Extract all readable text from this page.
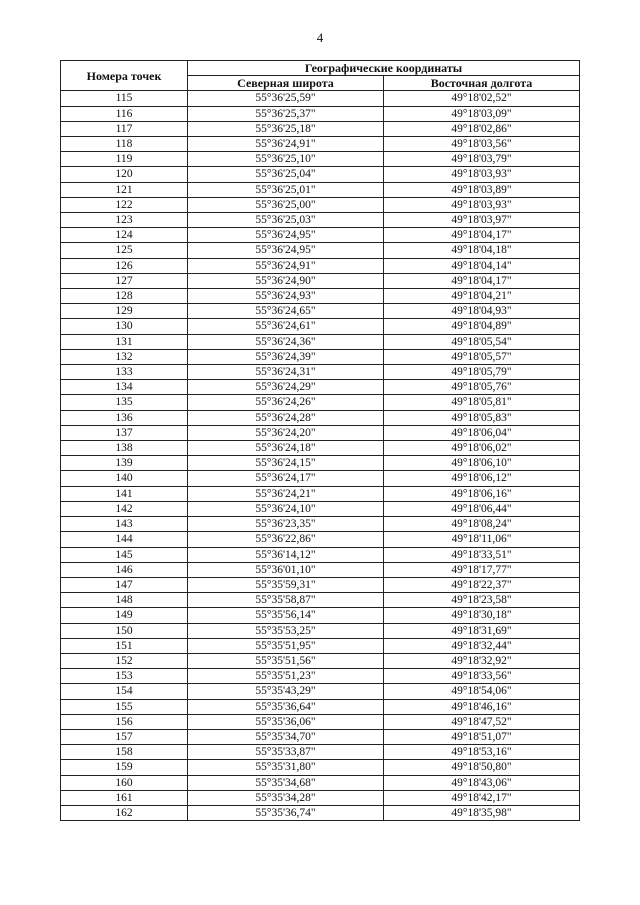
4
Номера точек	Географические координаты	
	Северная широта	Восточная долгота
115	55°36'25,59"	49°18'02,52"
116	55°36'25,37"	49°18'03,09"
117	55°36'25,18"	49°18'02,86"
118	55°36'24,91"	49°18'03,56"
119	55°36'25,10"	49°18'03,79"
120	55°36'25,04"	49°18'03,93"
121	55°36'25,01"	49°18'03,89"
122	55°36'25,00"	49°18'03,93"
123	55°36'25,03"	49°18'03,97"
124	55°36'24,95"	49°18'04,17"
125	55°36'24,95"	49°18'04,18"
126	55°36'24,91"	49°18'04,14"
127	55°36'24,90"	49°18'04,17"
128	55°36'24,93"	49°18'04,21"
129	55°36'24,65"	49°18'04,93"
130	55°36'24,61"	49°18'04,89"
131	55°36'24,36"	49°18'05,54"
132	55°36'24,39"	49°18'05,57"
133	55°36'24,31"	49°18'05,79"
134	55°36'24,29"	49°18'05,76"
135	55°36'24,26"	49°18'05,81"
136	55°36'24,28"	49°18'05,83"
137	55°36'24,20"	49°18'06,04"
138	55°36'24,18"	49°18'06,02"
139	55°36'24,15"	49°18'06,10"
140	55°36'24,17"	49°18'06,12"
141	55°36'24,21"	49°18'06,16"
142	55°36'24,10"	49°18'06,44"
143	55°36'23,35"	49°18'08,24"
144	55°36'22,86"	49°18'11,06"
145	55°36'14,12"	49°18'33,51"
146	55°36'01,10"	49°18'17,77"
147	55°35'59,31"	49°18'22,37"
148	55°35'58,87"	49°18'23,58"
149	55°35'56,14"	49°18'30,18"
150	55°35'53,25"	49°18'31,69"
151	55°35'51,95"	49°18'32,44"
152	55°35'51,56"	49°18'32,92"
153	55°35'51,23"	49°18'33,56"
154	55°35'43,29"	49°18'54,06"
155	55°35'36,64"	49°18'46,16"
156	55°35'36,06"	49°18'47,52"
157	55°35'34,70"	49°18'51,07"
158	55°35'33,87"	49°18'53,16"
159	55°35'31,80"	49°18'50,80"
160	55°35'34,68"	49°18'43,06"
161	55°35'34,28"	49°18'42,17"
162	55°35'36,74"	49°18'35,98"
